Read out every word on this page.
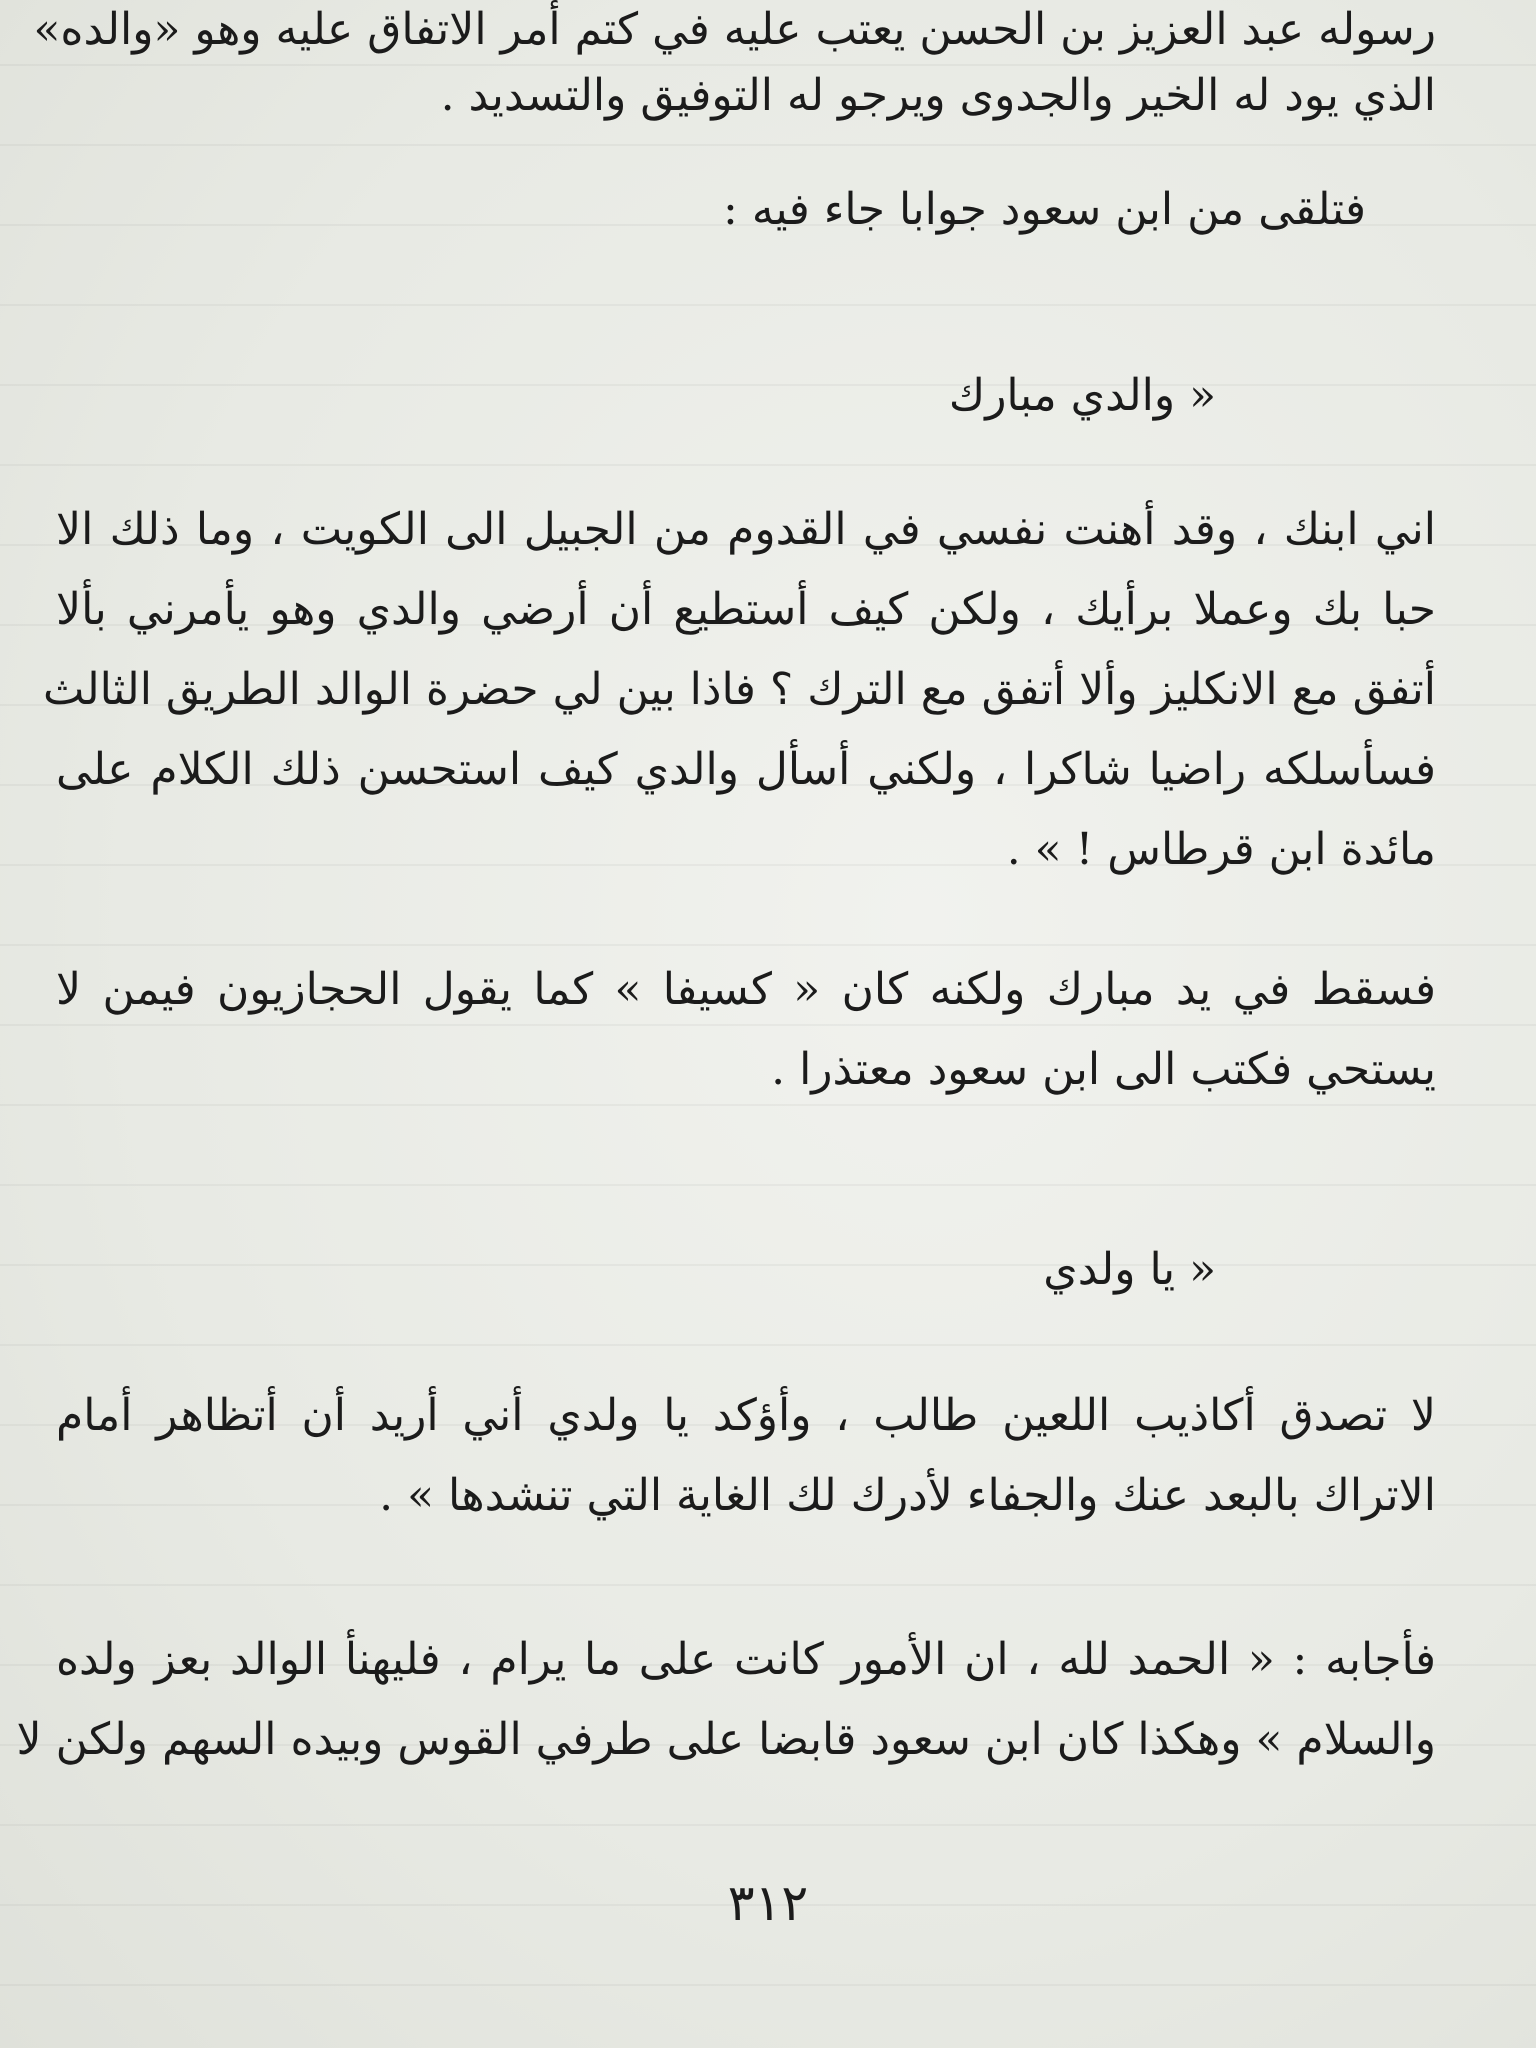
رسوله عبد العزيز بن الحسن يعتب عليه في كتم أمر الاتفاق عليه وهو «والده»
الذي يود له الخير والجدوى ويرجو له التوفيق والتسديد .
فتلقى من ابن سعود جوابا جاء فيه :
« والدي مبارك
اني ابنك ، وقد أهنت نفسي في القدوم من الجبيل الى الكويت ، وما ذلك الا
حبا بك وعملا برأيك ، ولكن كيف أستطيع أن أرضي والدي وهو يأمرني بألا
أتفق مع الانكليز وألا أتفق مع الترك ؟ فاذا بين لي حضرة الوالد الطريق الثالث
فسأسلكه راضيا شاكرا ، ولكني أسأل والدي كيف استحسن ذلك الكلام على
مائدة ابن قرطاس ! » .
فسقط في يد مبارك ولكنه كان « كسيفا » كما يقول الحجازيون فيمن لا
يستحي فكتب الى ابن سعود معتذرا .
« يا ولدي
لا تصدق أكاذيب اللعين طالب ، وأؤكد يا ولدي أني أريد أن أتظاهر أمام
الاتراك بالبعد عنك والجفاء لأدرك لك الغاية التي تنشدها » .
فأجابه : « الحمد لله ، ان الأمور كانت على ما يرام ، فليهنأ الوالد بعز ولده
والسلام » وهكذا كان ابن سعود قابضا على طرفي القوس وبيده السهم ولكن لا
٣١٢
